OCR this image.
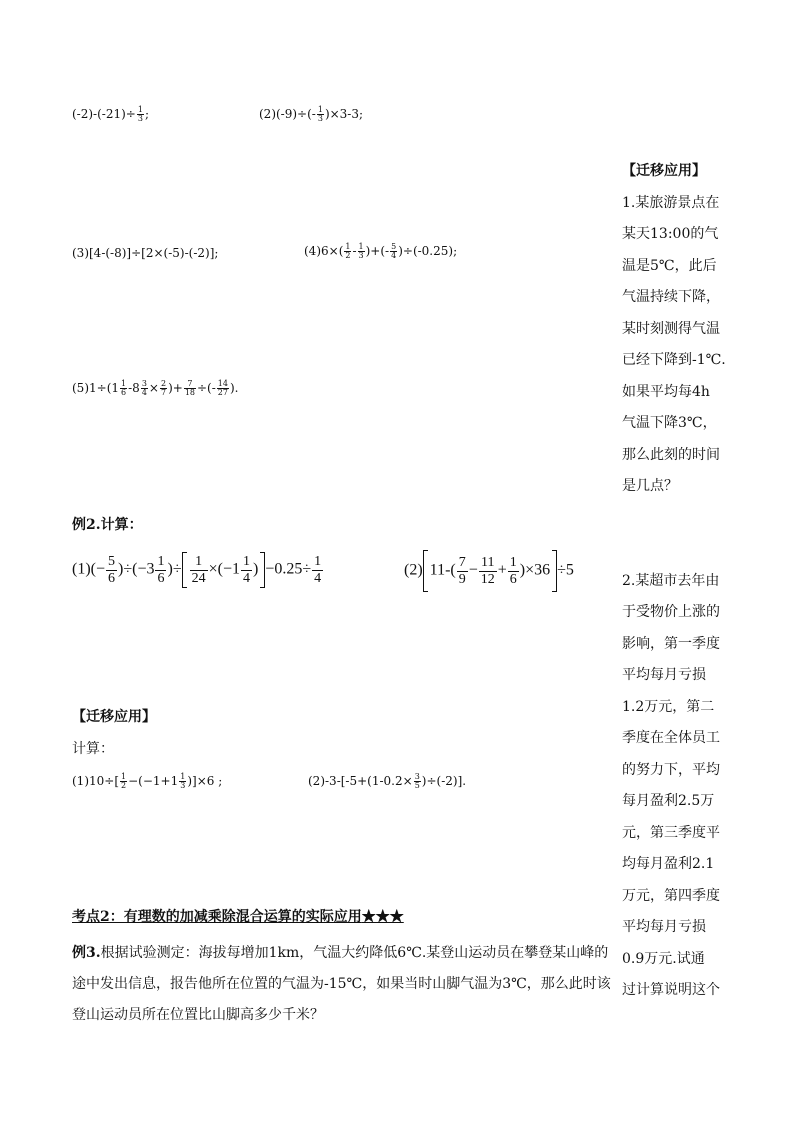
$(-2)-(-21)\div \frac{1}{3}$ ;	$(2)(-9)\div(- \frac{1}{3} )\times 3-3$;
(3)[4-(-8)]÷[2×(-5)-(-2)];	$(4)6\times( \frac{1}{2} - \frac{1}{3}$ )+(- $\frac{5}{4} )\div(-0.25)$;
$(5)1\div(1 \frac{1}{6} -8 \frac{3}{4} \times \frac{2}{7}$ )+ $\frac{7}{18}$ ÷(- $\frac{14}{27}$ ).
例2.计算：
$(1)(- \frac{5}{6} )\div(-3 \frac{1}{6}$ )÷ $\frac{1}{24} \times(-1 \frac{1}{4}$ ) $-0.25\div \frac{1}{4}$	(2) $11-( \frac{7}{9} - \frac{11}{12} + \frac{1}{6} )\times 36 \div 5$
【迁移应用】
计算：
$(1)10\div[ \frac{1}{2} -(-1+1 \frac{1}{3} )]\times 6$ ;	$(2)-3-[-5+(1-0.2\times \frac{3}{5} )\div(-2)]$.
考点2：有理数的加减乘除混合运算的实际应用★★★
例3.根据试验测定：海拔每增加1km，气温大约降低6℃.某登山运动员在攀登某山峰的途中发出信息，报告他所在位置的气温为-15℃，如果当时山脚气温为3℃，那么此时该登山运动员所在位置比山脚高多少千米？

【迁移应用】

1.某旅游景点在

某天13:00的气

温是5℃，此后

气温持续下降，

某时刻测得气温

已经下降到-1℃.

如果平均每4h

气温下降3℃，

那么此刻的时间

是几点？

2.某超市去年由

于受物价上涨的

影响，第一季度

平均每月亏损

1.2万元，第二

季度在全体员工

的努力下，平均

每月盈利2.5万

元，第三季度平

均每月盈利2.1

万元，第四季度

平均每月亏损

0.9万元.试通

过计算说明这个
